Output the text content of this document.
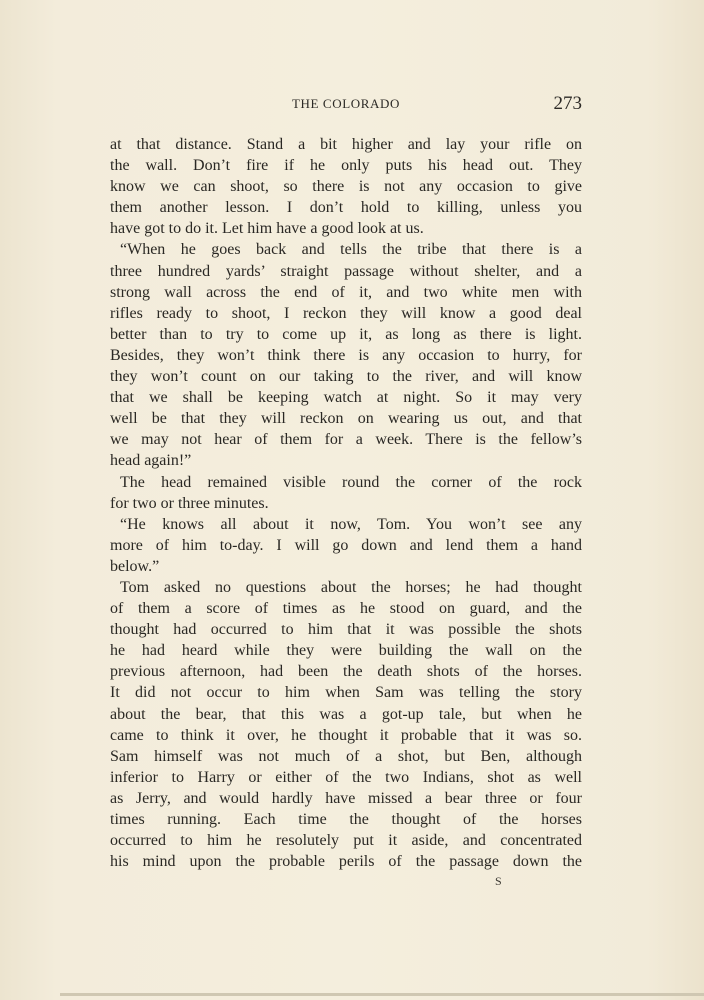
THE COLORADO	273
at that distance. Stand a bit higher and lay your rifle on
the wall. Don’t fire if he only puts his head out. They
know we can shoot, so there is not any occasion to give
them another lesson. I don’t hold to killing, unless you
have got to do it. Let him have a good look at us.
“When he goes back and tells the tribe that there is a
three hundred yards’ straight passage without shelter, and a
strong wall across the end of it, and two white men with
rifles ready to shoot, I reckon they will know a good deal
better than to try to come up it, as long as there is light.
Besides, they won’t think there is any occasion to hurry, for
they won’t count on our taking to the river, and will know
that we shall be keeping watch at night. So it may very
well be that they will reckon on wearing us out, and that
we may not hear of them for a week. There is the fellow’s
head again!”
The head remained visible round the corner of the rock
for two or three minutes.
“He knows all about it now, Tom. You won’t see any
more of him to-day. I will go down and lend them a hand
below.”
Tom asked no questions about the horses; he had thought
of them a score of times as he stood on guard, and the
thought had occurred to him that it was possible the shots
he had heard while they were building the wall on the
previous afternoon, had been the death shots of the horses.
It did not occur to him when Sam was telling the story
about the bear, that this was a got-up tale, but when he
came to think it over, he thought it probable that it was so.
Sam himself was not much of a shot, but Ben, although
inferior to Harry or either of the two Indians, shot as well
as Jerry, and would hardly have missed a bear three or four
times running. Each time the thought of the horses
occurred to him he resolutely put it aside, and concentrated
his mind upon the probable perils of the passage down the
S
